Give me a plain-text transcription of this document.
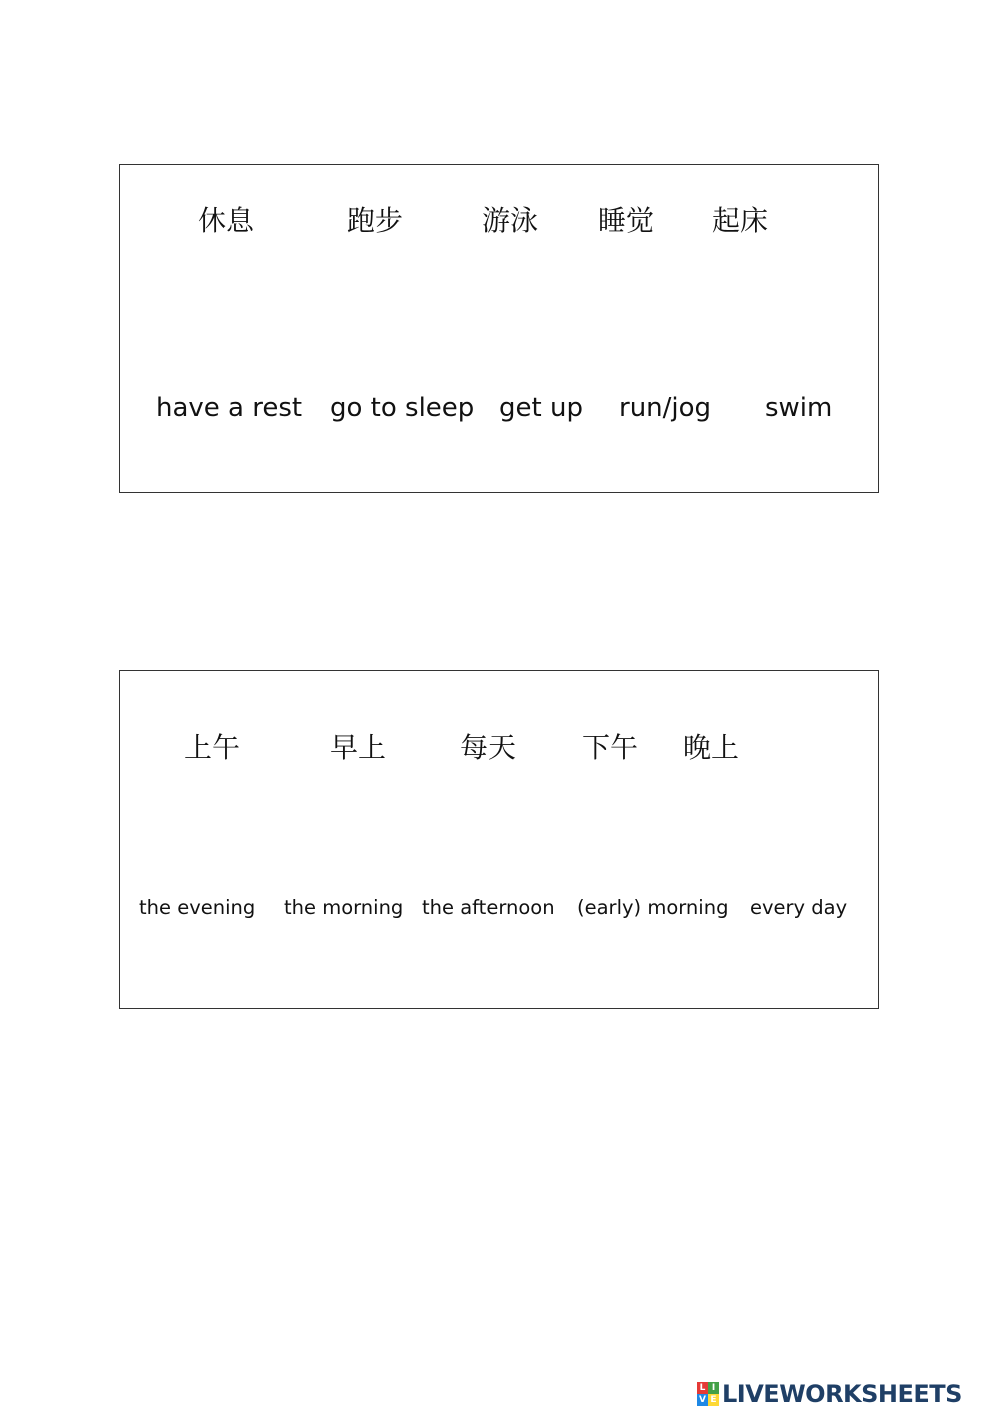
休息	跑步	游泳 睡觉 起床
have a rest go to sleep get up run/jog swim
上午	早上	每天 下午 晚上
the evening the morning the afternoon (early) morning every day
L I
V E LIVEWORKSHEETS
